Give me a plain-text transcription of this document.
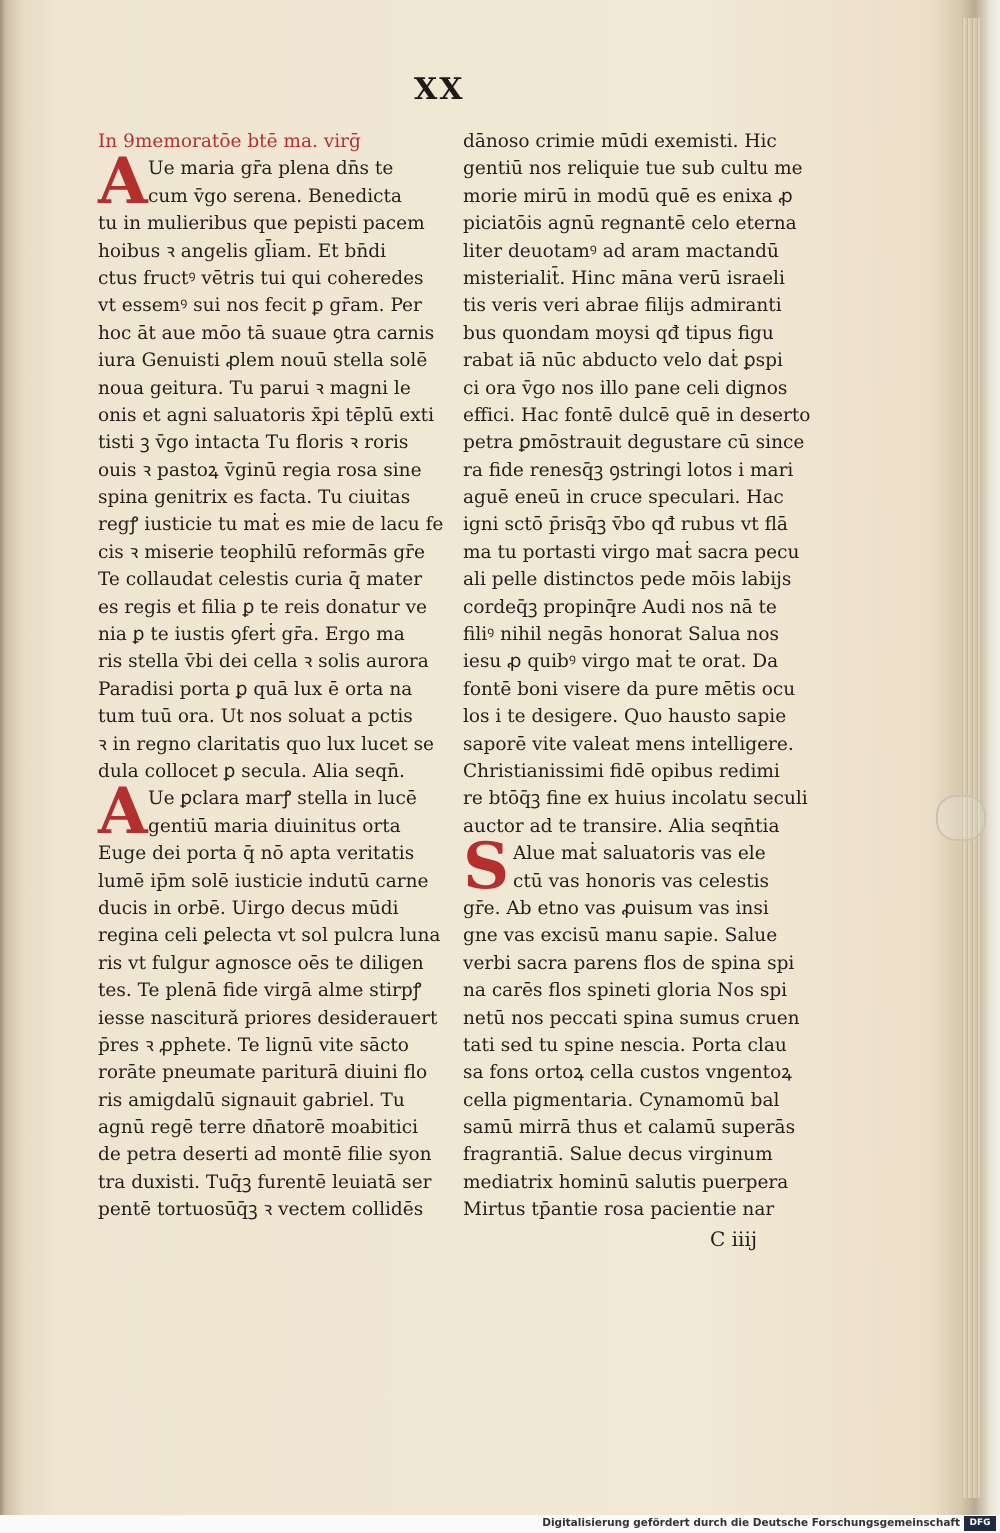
XX
In 9memoratōe btē ma. virḡ
A Ue maria gr̄a plena dn̄s te
cum v̄go serena. Benedicta
tu in mulieribus que pepisti pacem
hoibus ꝛ angelis gl̄iam. Et bn̄di
ctus fructꝰ vētris tui qui coheredes
vt essemꝰ sui nos fecit ꝑ gr̄am. Per
hoc āt aue mōo tā suaue ꝯtra carnis
iura Genuisti ꝓlem nouū stella solē
noua geitura. Tu parui ꝛ magni le
onis et agni saluatoris x̄pi tēplū exti
tisti ꝫ v̄go intacta Tu floris ꝛ roris
ouis ꝛ pastoꝝ v̄ginū regia rosa sine
spina genitrix es facta. Tu ciuitas
regꝭ iusticie tu maṫ es mie de lacu fe
cis ꝛ miserie teophilū reformās gr̄e
Te collaudat celestis curia q̄ mater
es regis et filia ꝑ te reis donatur ve
nia ꝑ te iustis ꝯferṫ gr̄a. Ergo ma
ris stella v̄bi dei cella ꝛ solis aurora
Paradisi porta ꝑ quā lux ē orta na
tum tuū ora. Ut nos soluat a pctis
ꝛ in regno claritatis quo lux lucet se
dula collocet ꝑ secula. Alia seqn̄.
A Ue ꝑclara marꝭ stella in lucē
gentiū maria diuinitus orta
Euge dei porta q̄ nō apta veritatis
lumē ip̄m solē iusticie indutū carne
ducis in orbē. Uirgo decus mūdi
regina celi ꝑelecta vt sol pulcra luna
ris vt fulgur agnosce oēs te diligen
tes. Te plenā fide virgā alme stirpꝭ
iesse nascitură priores desiderauert
p̄res ꝛ ꝓphete. Te lignū vite sācto
rorāte pneumate pariturā diuini flo
ris amigdalū signauit gabriel. Tu
agnū regē terre dn̄atorē moabitici
de petra deserti ad montē filie syon
tra duxisti. Tuq̄ꝫ furentē leuiatā ser
pentē tortuosūq̄ꝫ ꝛ vectem collidēs
dānoso crimie mūdi exemisti. Hic
gentiū nos reliquie tue sub cultu me
morie mirū in modū quē es enixa ꝓ
piciatōis agnū regnantē celo eterna
liter deuotamꝰ ad aram mactandū
misterialit̄. Hinc māna verū israeli
tis veris veri abrae filijs admiranti
bus quondam moysi qđ tipus figu
rabat iā nūc abducto velo daṫ ꝑspi
ci ora v̄go nos illo pane celi dignos
effici. Hac fontē dulcē quē in deserto
petra ꝑmōstrauit degustare cū since
ra fide renesq̄ꝫ ꝯstringi lotos i mari
aguē eneū in cruce speculari. Hac
igni sctō p̄risq̄ꝫ v̄bo qđ rubus vt flā
ma tu portasti virgo maṫ sacra pecu
ali pelle distinctos pede mōis labijs
cordeq̄ꝫ propinq̄re Audi nos nā te
filiꝰ nihil negās honorat Salua nos
iesu ꝓ quibꝰ virgo maṫ te orat. Da
fontē boni visere da pure mētis ocu
los i te desigere. Quo hausto sapie
saporē vite valeat mens intelligere.
Christianissimi fidē opibus redimi
re btōq̄ꝫ fine ex huius incolatu seculi
auctor ad te transire. Alia seqn̄tia
S Alue maṫ saluatoris vas ele
ctū vas honoris vas celestis
gr̄e. Ab etno vas ꝓuisum vas insi
gne vas excisū manu sapie. Salue
verbi sacra parens flos de spina spi
na carēs flos spineti gloria Nos spi
netū nos peccati spina sumus cruen
tati sed tu spine nescia. Porta clau
sa fons ortoꝝ cella custos vngentoꝝ
cella pigmentaria. Cynamomū bal
samū mirrā thus et calamū superās
fragrantiā. Salue decus virginum
mediatrix hominū salutis puerpera
Mirtus tp̄antie rosa pacientie nar
C iiij
Digitalisierung gefördert durch die Deutsche Forschungsgemeinschaft	DFG
